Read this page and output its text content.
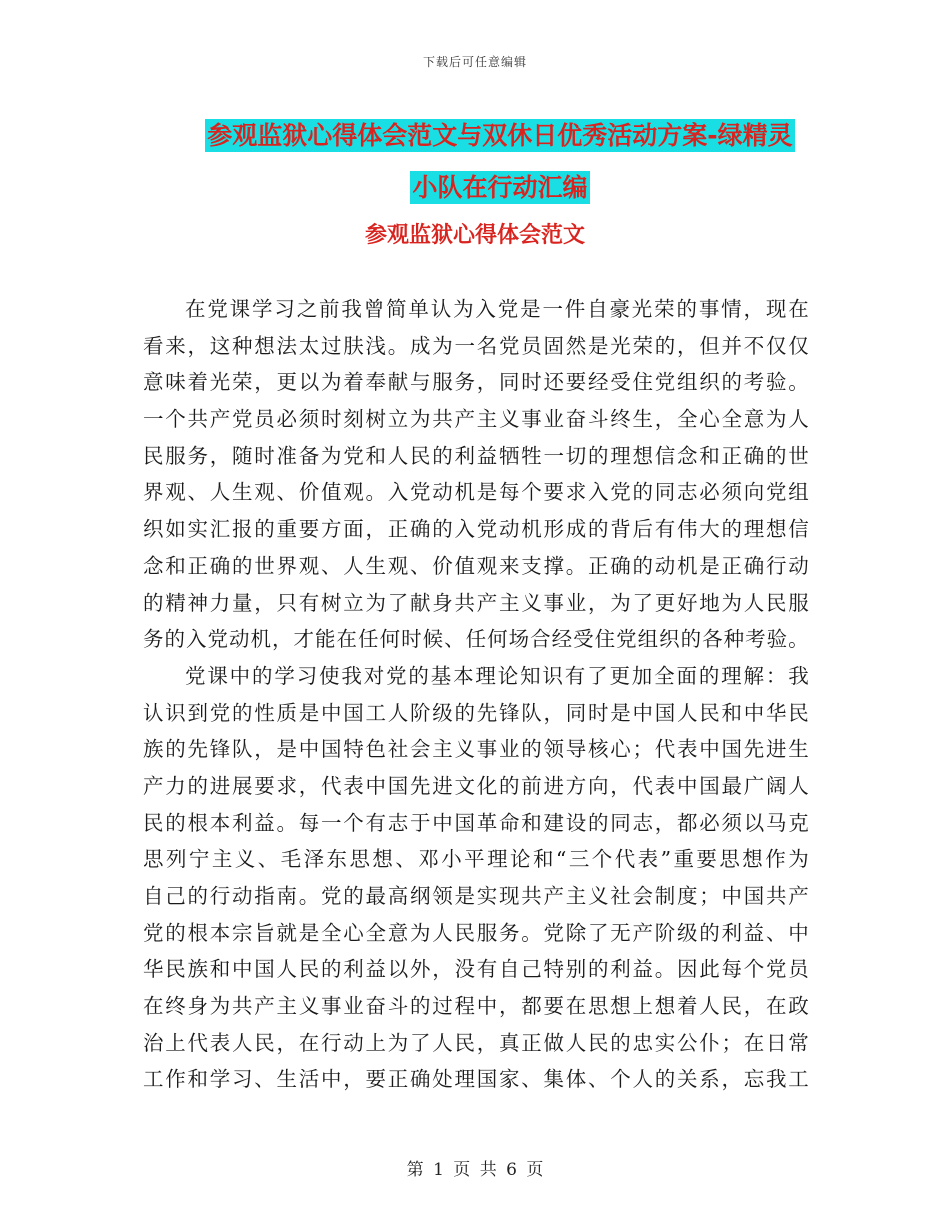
下载后可任意编辑
参观监狱心得体会范文与双休日优秀活动方案-绿精灵
小队在行动汇编
参观监狱心得体会范文
在党课学习之前我曾简单认为入党是一件自豪光荣的事情，现在
看来，这种想法太过肤浅。成为一名党员固然是光荣的，但并不仅仅
意味着光荣，更以为着奉献与服务，同时还要经受住党组织的考验。
一个共产党员必须时刻树立为共产主义事业奋斗终生，全心全意为人
民服务，随时准备为党和人民的利益牺牲一切的理想信念和正确的世
界观、人生观、价值观。入党动机是每个要求入党的同志必须向党组
织如实汇报的重要方面，正确的入党动机形成的背后有伟大的理想信
念和正确的世界观、人生观、价值观来支撑。正确的动机是正确行动
的精神力量，只有树立为了献身共产主义事业，为了更好地为人民服
务的入党动机，才能在任何时候、任何场合经受住党组织的各种考验。
党课中的学习使我对党的基本理论知识有了更加全面的理解：我
认识到党的性质是中国工人阶级的先锋队，同时是中国人民和中华民
族的先锋队，是中国特色社会主义事业的领导核心；代表中国先进生
产力的进展要求，代表中国先进文化的前进方向，代表中国最广阔人
民的根本利益。每一个有志于中国革命和建设的同志，都必须以马克
思列宁主义、毛泽东思想、邓小平理论和“三个代表”重要思想作为
自己的行动指南。党的最高纲领是实现共产主义社会制度；中国共产
党的根本宗旨就是全心全意为人民服务。党除了无产阶级的利益、中
华民族和中国人民的利益以外，没有自己特别的利益。因此每个党员
在终身为共产主义事业奋斗的过程中，都要在思想上想着人民，在政
治上代表人民，在行动上为了人民，真正做人民的忠实公仆；在日常
工作和学习、生活中，要正确处理国家、集体、个人的关系，忘我工
第 1 页 共 6 页
